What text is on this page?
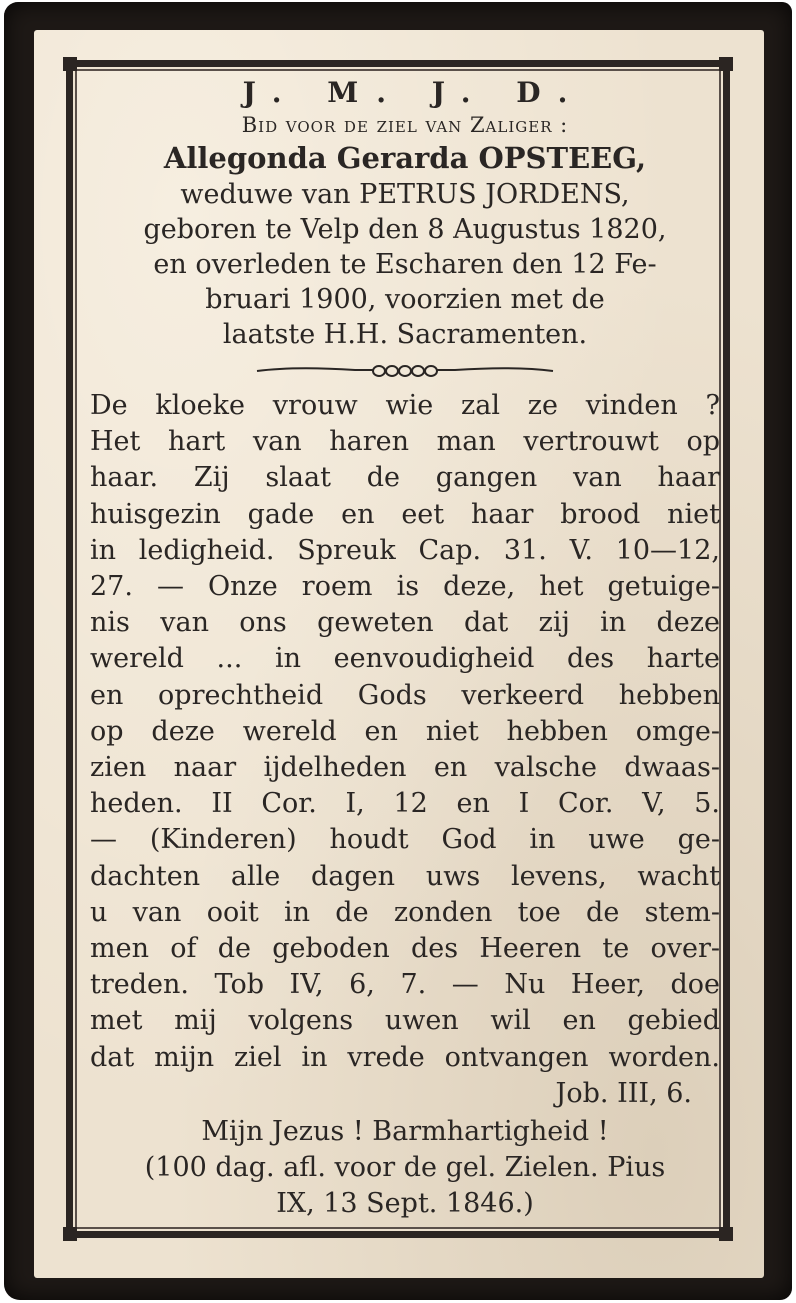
J. M. J. D.
Bid voor de ziel van Zaliger :
Allegonda Gerarda OPSTEEG,
weduwe van PETRUS JORDENS,
geboren te Velp den 8 Augustus 1820,
en overleden te Escharen den 12 Fe-
bruari 1900, voorzien met de
laatste H.H. Sacramenten.
De kloeke vrouw wie zal ze vinden ?
Het hart van haren man vertrouwt op
haar. Zij slaat de gangen van haar
huisgezin gade en eet haar brood niet
in ledigheid. Spreuk Cap. 31. V. 10—12,
27. — Onze roem is deze, het getuige-
nis van ons geweten dat zij in deze
wereld ... in eenvoudigheid des harte
en oprechtheid Gods verkeerd hebben
op deze wereld en niet hebben omge-
zien naar ijdelheden en valsche dwaas-
heden. II Cor. I, 12 en I Cor. V, 5.
— (Kinderen) houdt God in uwe ge-
dachten alle dagen uws levens, wacht
u van ooit in de zonden toe de stem-
men of de geboden des Heeren te over-
treden. Tob IV, 6, 7. — Nu Heer, doe
met mij volgens uwen wil en gebied
dat mijn ziel in vrede ontvangen worden.
Job. III, 6.
Mijn Jezus ! Barmhartigheid !
(100 dag. afl. voor de gel. Zielen. Pius
IX, 13 Sept. 1846.)
